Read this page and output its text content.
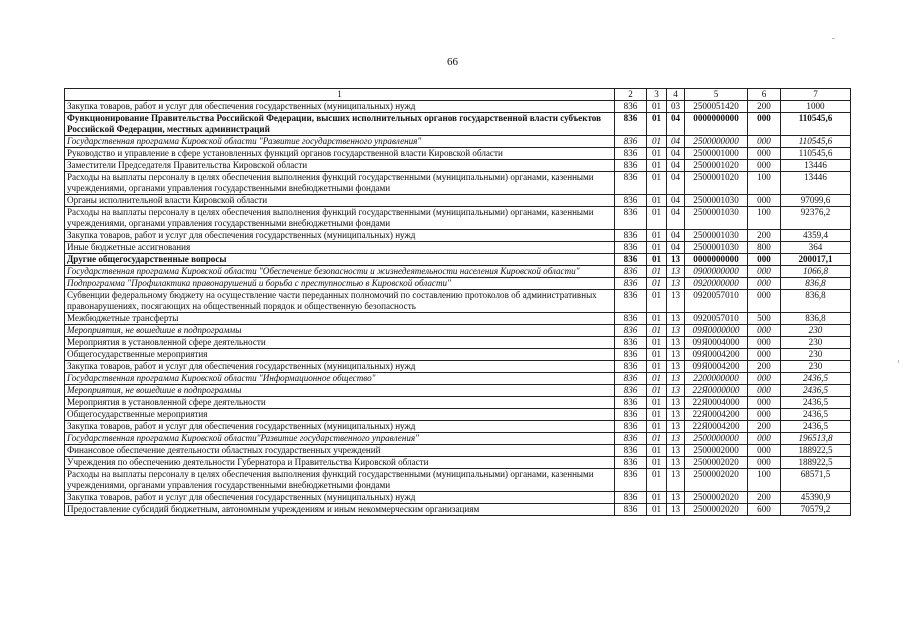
66
1	2	3	4	5	6	7
Закупка товаров, работ и услуг для обеспечения государственных (муниципальных) нужд	836	01	03	2500051420	200	1000
Функционирование Правительства Российской Федерации, высших исполнительных органов государственной власти субъектов Российской Федерации, местных администраций	836	01	04	0000000000	000	110545,6
Государственная программа Кировской области "Развитие государственного управления"	836	01	04	2500000000	000	110545,6
Руководство и управление в сфере установленных функций органов государственной власти Кировской области	836	01	04	2500001000	000	110545,6
Заместители Председателя Правительства Кировской области	836	01	04	2500001020	000	13446
Расходы на выплаты персоналу в целях обеспечения выполнения функций государственными (муниципальными) органами, казенными учреждениями, органами управления государственными внебюджетными фондами	836	01	04	2500001020	100	13446
Органы исполнительной власти Кировской области	836	01	04	2500001030	000	97099,6
Расходы на выплаты персоналу в целях обеспечения выполнения функций государственными (муниципальными) органами, казенными учреждениями, органами управления государственными внебюджетными фондами	836	01	04	2500001030	100	92376,2
Закупка товаров, работ и услуг для обеспечения государственных (муниципальных) нужд	836	01	04	2500001030	200	4359,4
Иные бюджетные ассигнования	836	01	04	2500001030	800	364
Другие общегосударственные вопросы	836	01	13	0000000000	000	200017,1
Государственная программа Кировской области "Обеспечение безопасности и жизнедеятельности населения Кировской области"	836	01	13	0900000000	000	1066,8
Подпрограмма "Профилактика правонарушений и борьба с преступностью в Кировской области"	836	01	13	0920000000	000	836,8
Субвенции федеральному бюджету на осуществление части переданных полномочий по составлению протоколов об административных правонарушениях, посягающих на общественный порядок и общественную безопасность	836	01	13	0920057010	000	836,8
Межбюджетные трансферты	836	01	13	0920057010	500	836,8
Мероприятия, не вошедшие в подпрограммы	836	01	13	09Я0000000	000	230
Мероприятия в установленной сфере деятельности	836	01	13	09Я0004000	000	230
Общегосударственные мероприятия	836	01	13	09Я0004200	000	230
Закупка товаров, работ и услуг для обеспечения государственных (муниципальных) нужд	836	01	13	09Я0004200	200	230
Государственная программа Кировской области "Информационное общество"	836	01	13	2200000000	000	2436,5
Мероприятия, не вошедшие в подпрограммы	836	01	13	22Я0000000	000	2436,5
Мероприятия в установленной сфере деятельности	836	01	13	22Я0004000	000	2436,5
Общегосударственные мероприятия	836	01	13	22Я0004200	000	2436,5
Закупка товаров, работ и услуг для обеспечения государственных (муниципальных) нужд	836	01	13	22Я0004200	200	2436,5
Государственная программа Кировской области"Развитие государственного управления"	836	01	13	2500000000	000	196513,8
Финансовое обеспечение деятельности областных государственных учреждений	836	01	13	2500002000	000	188922,5
Учреждения по обеспечению деятельности Губернатора и Правительства Кировской области	836	01	13	2500002020	000	188922,5
Расходы на выплаты персоналу в целях обеспечения выполнения функций государственными (муниципальными) органами, казенными учреждениями, органами управления государственными внебюджетными фондами	836	01	13	2500002020	100	68571,5
Закупка товаров, работ и услуг для обеспечения государственных (муниципальных) нужд	836	01	13	2500002020	200	45390,9
Предоставление субсидий бюджетным, автономным учреждениям и иным некоммерческим организациям	836	01	13	2500002020	600	70579,2
